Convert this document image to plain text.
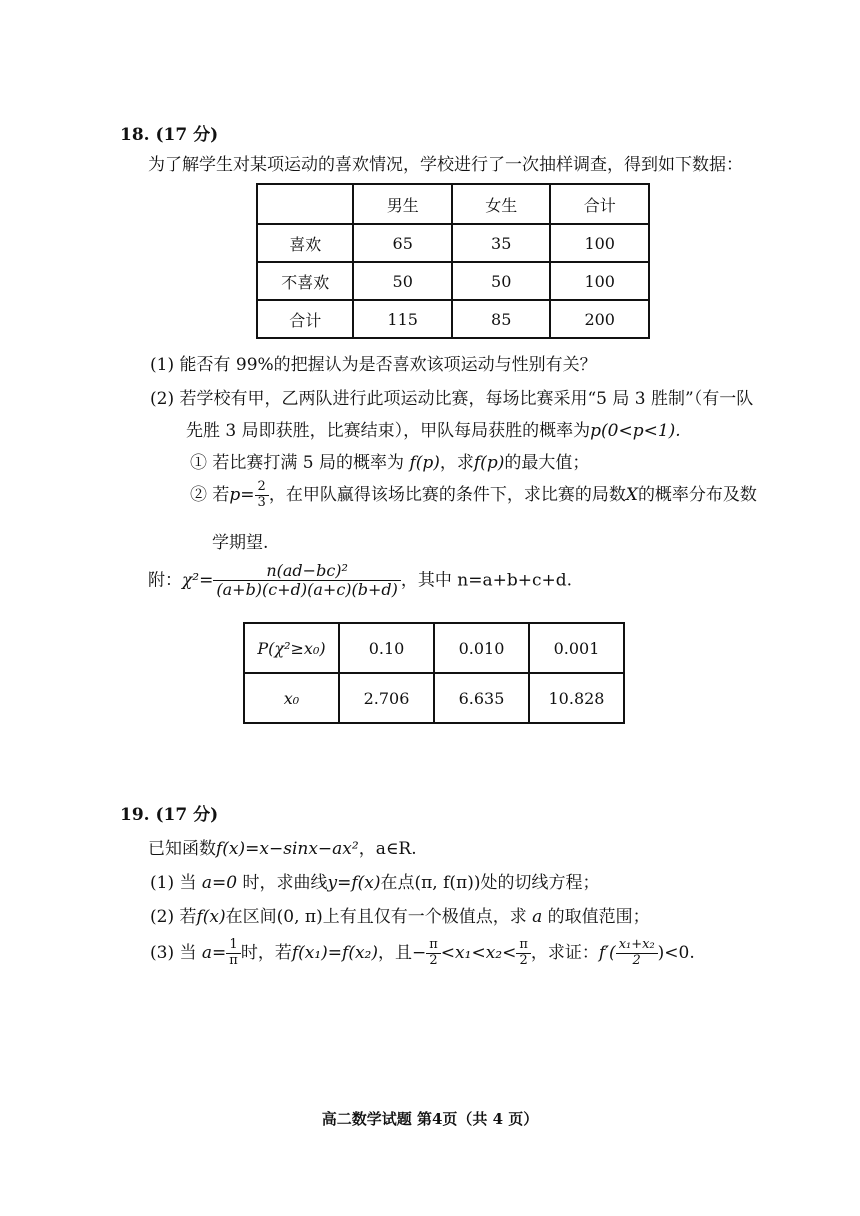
18. (17 分)
为了解学生对某项运动的喜欢情况，学校进行了一次抽样调查，得到如下数据：
	男生	女生	合计
喜欢	65	35	100
不喜欢	50	50	100
合计	115	85	200
(1) 能否有 99%的把握认为是否喜欢该项运动与性别有关？
(2) 若学校有甲，乙两队进行此项运动比赛，每场比赛采用“5 局 3 胜制”（有一队
先胜 3 局即获胜，比赛结束），甲队每局获胜的概率为p(0<p<1).
① 若比赛打满 5 局的概率为 f(p)，求f(p)的最大值；
② 若$p= \frac{2}{3}$ ，在甲队赢得该场比赛的条件下，求比赛的局数X的概率分布及数
学期望.
附：$\chi^2= \frac{\text{n(ad−bc)²}}{(a+b)(c+d)(a+c)(b+d)}$ ，其中 n=a+b+c+d.
P(χ²≥x₀)	0.10	0.010	0.001
x₀	2.706	6.635	10.828
19. (17 分)
已知函数f(x)=x−sinx−ax²，a∈R.
(1) 当 a=0 时，求曲线y=f(x)在点(π, f(π))处的切线方程；
(2) 若f(x)在区间(0, π)上有且仅有一个极值点，求 a 的取值范围；
(3) 当 $a= \frac{1}{\pi}$ 时，若f(x₁)=f(x₂)，且− $\frac{\pi}{2} <x_1<x_2< \frac{\pi}{2}$ ，求证：$f'( \frac{\text{x₁+x₂}}{2} )<0$.
高二数学试题 第4页（共 4 页）
